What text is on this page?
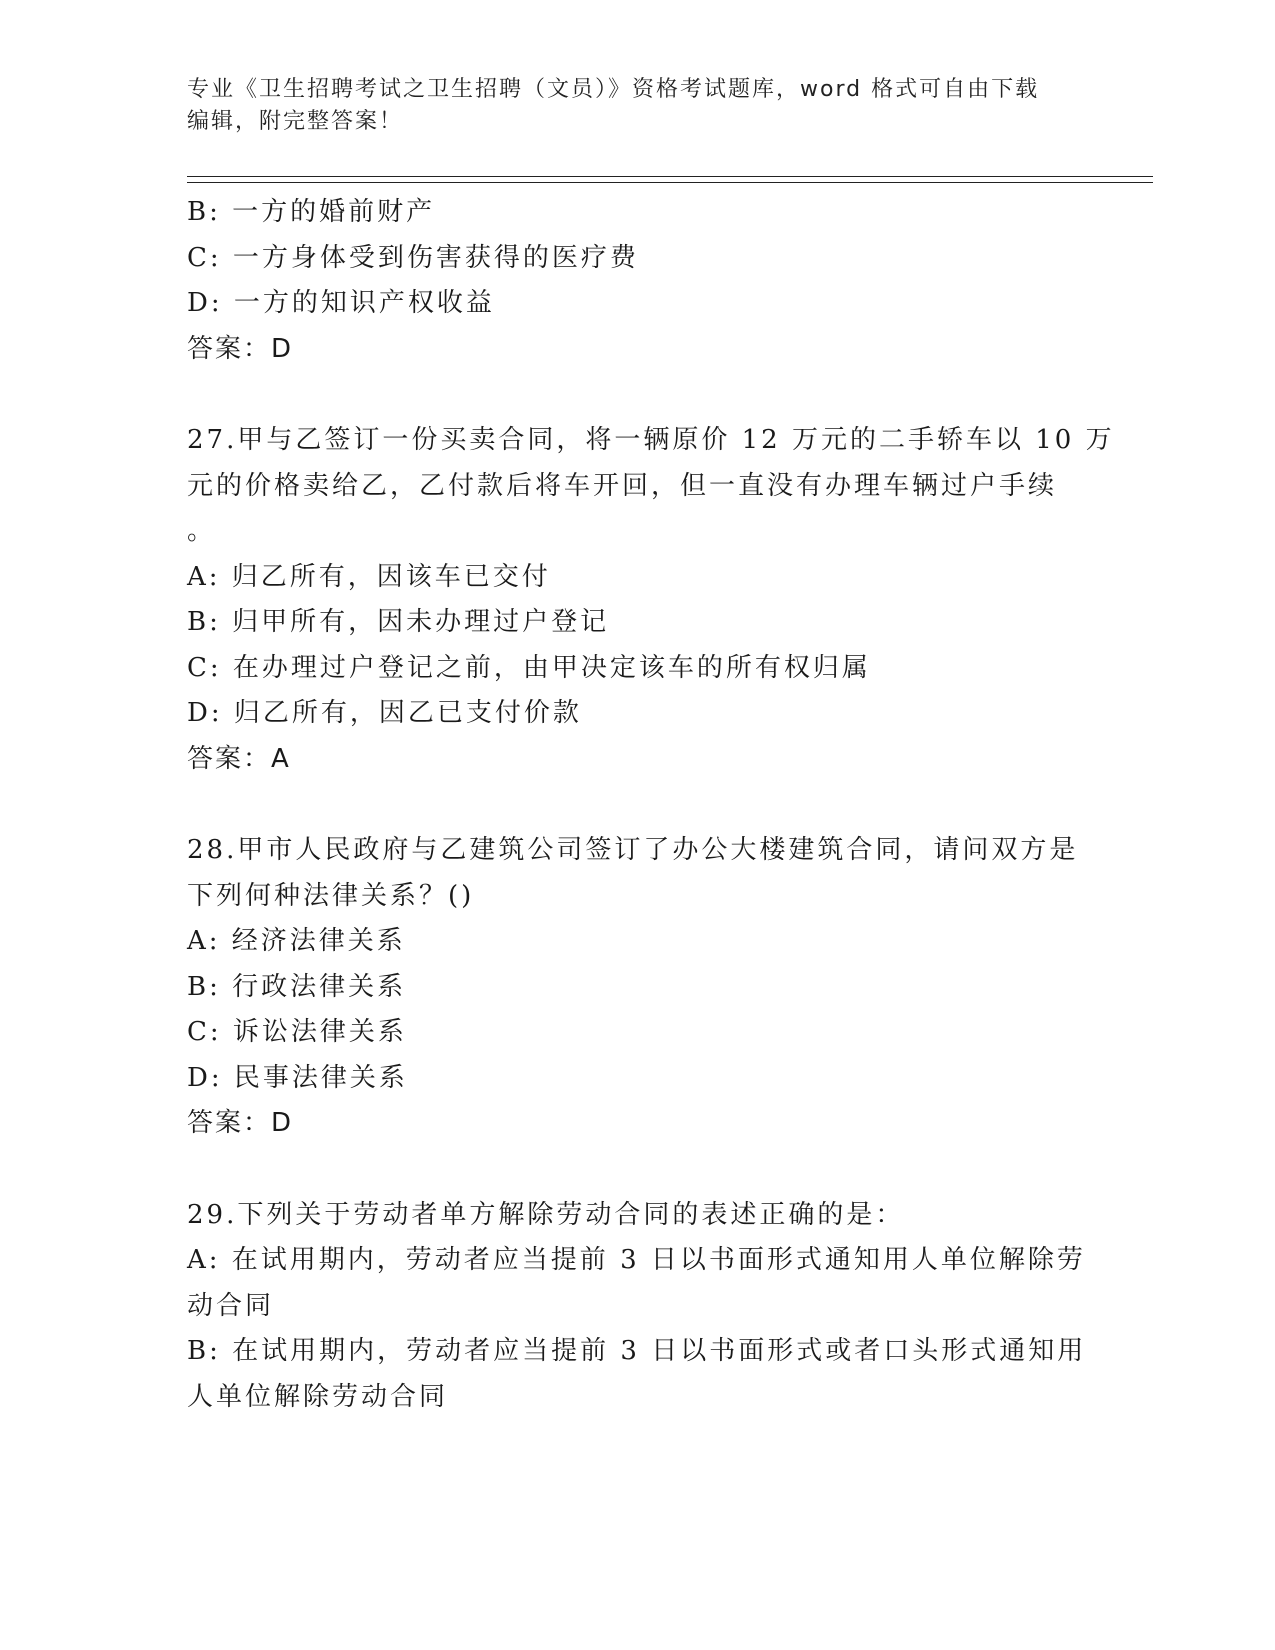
专业《卫生招聘考试之卫生招聘（文员）》资格考试题库，word 格式可自由下载
编辑，附完整答案！
B: 一方的婚前财产
C: 一方身体受到伤害获得的医疗费
D: 一方的知识产权收益
答案：D
27.甲与乙签订一份买卖合同，将一辆原价 12 万元的二手轿车以 10 万
元的价格卖给乙，乙付款后将车开回，但一直没有办理车辆过户手续
。
A: 归乙所有，因该车已交付
B: 归甲所有，因未办理过户登记
C: 在办理过户登记之前，由甲决定该车的所有权归属
D: 归乙所有，因乙已支付价款
答案：A
28.甲市人民政府与乙建筑公司签订了办公大楼建筑合同，请问双方是
下列何种法律关系？()
A: 经济法律关系
B: 行政法律关系
C: 诉讼法律关系
D: 民事法律关系
答案：D
29.下列关于劳动者单方解除劳动合同的表述正确的是：
A: 在试用期内，劳动者应当提前 3 日以书面形式通知用人单位解除劳
动合同
B: 在试用期内，劳动者应当提前 3 日以书面形式或者口头形式通知用
人单位解除劳动合同
